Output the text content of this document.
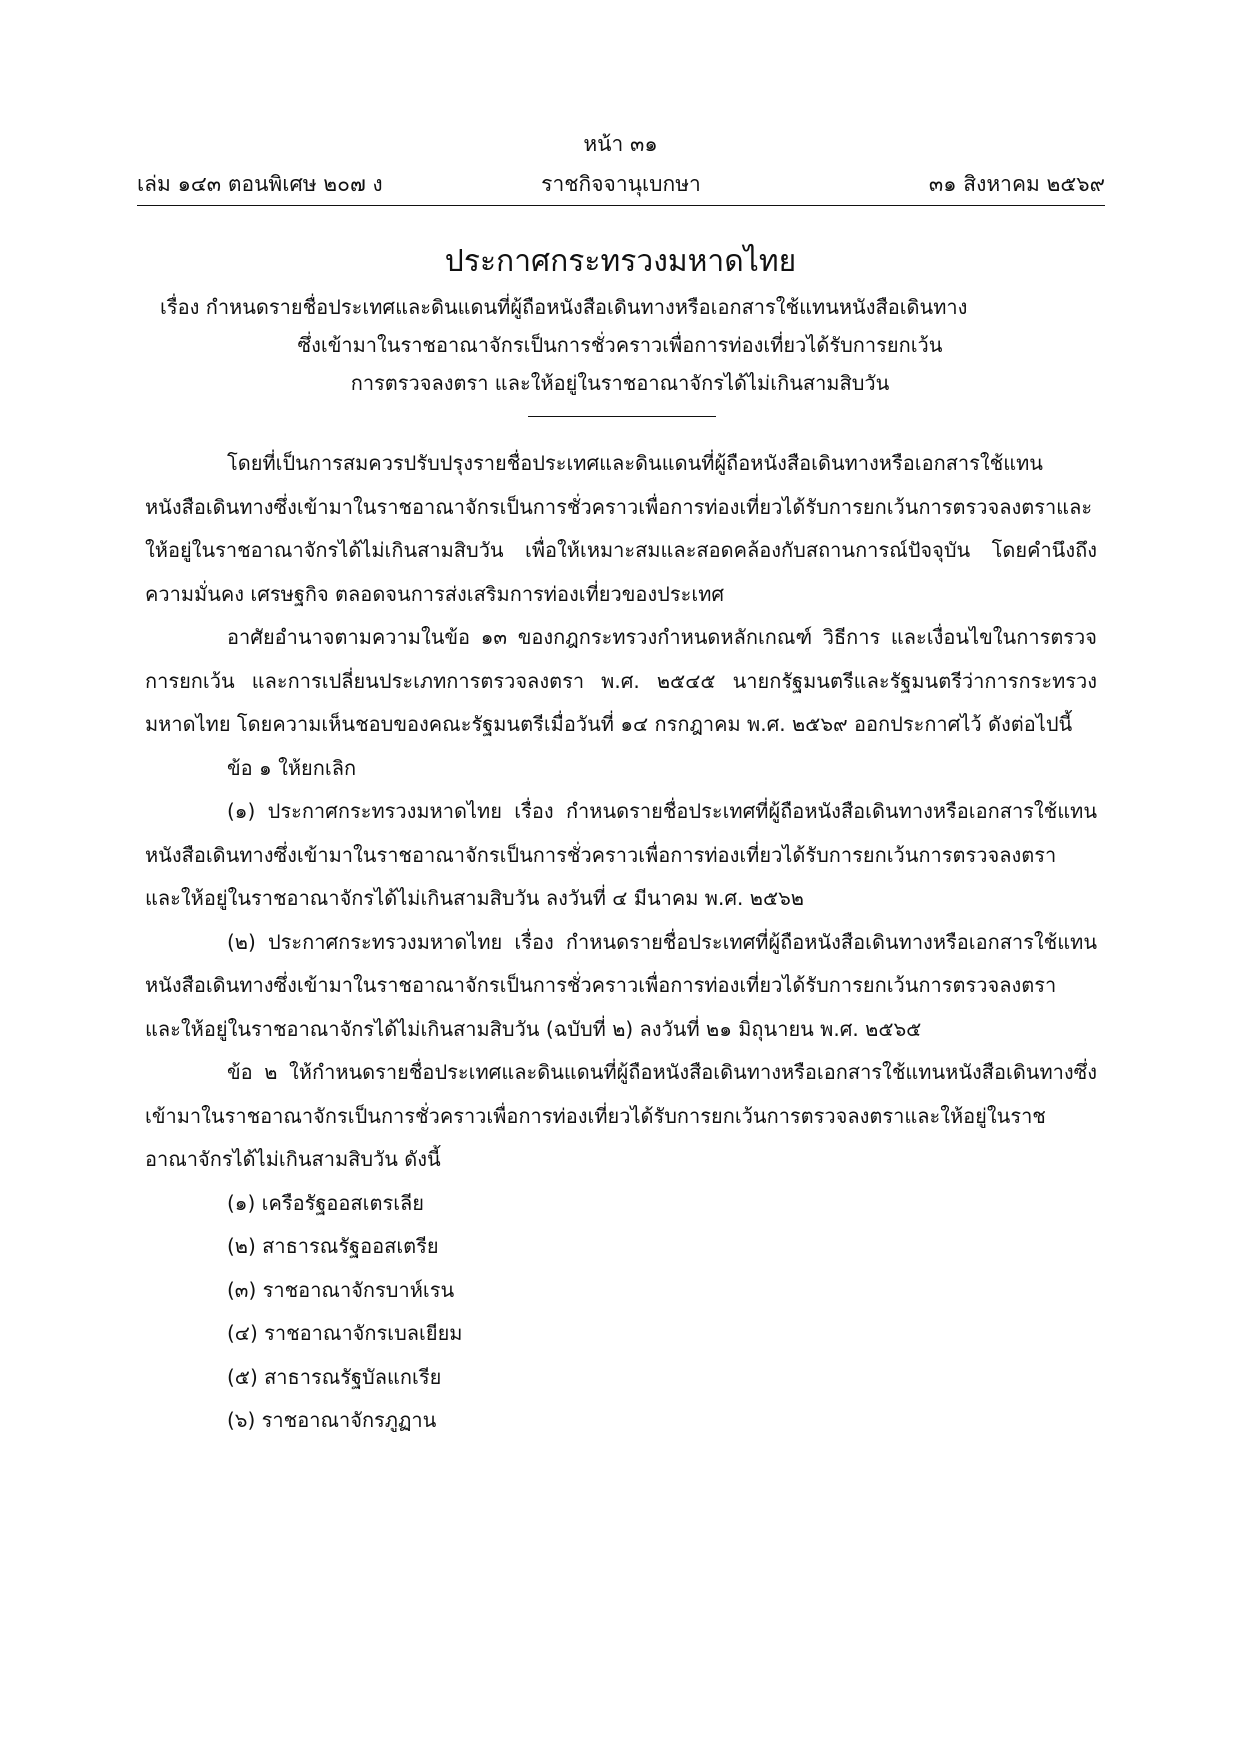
หน้า ๓๑
ราชกิจจานุเบกษา
เล่ม ๑๔๓ ตอนพิเศษ ๒๐๗ ง	๓๑ สิงหาคม ๒๕๖๙
ประกาศกระทรวงมหาดไทย
เรื่อง กำหนดรายชื่อประเทศและดินแดนที่ผู้ถือหนังสือเดินทางหรือเอกสารใช้แทนหนังสือเดินทาง
ซึ่งเข้ามาในราชอาณาจักรเป็นการชั่วคราวเพื่อการท่องเที่ยวได้รับการยกเว้น
การตรวจลงตรา และให้อยู่ในราชอาณาจักรได้ไม่เกินสามสิบวัน

โดยที่เป็นการสมควรปรับปรุงรายชื่อประเทศและดินแดนที่ผู้ถือหนังสือเดินทางหรือเอกสารใช้แทนหนังสือเดินทางซึ่งเข้ามาในราชอาณาจักรเป็นการชั่วคราวเพื่อการท่องเที่ยวได้รับการยกเว้นการตรวจลงตราและให้อยู่ในราชอาณาจักรได้ไม่เกินสามสิบวัน เพื่อให้เหมาะสมและสอดคล้องกับสถานการณ์ปัจจุบัน โดยคำนึงถึงความมั่นคง เศรษฐกิจ ตลอดจนการส่งเสริมการท่องเที่ยวของประเทศ

อาศัยอำนาจตามความในข้อ ๑๓ ของกฎกระทรวงกำหนดหลักเกณฑ์ วิธีการ และเงื่อนไขในการตรวจ การยกเว้น และการเปลี่ยนประเภทการตรวจลงตรา พ.ศ. ๒๕๔๕ นายกรัฐมนตรีและรัฐมนตรีว่าการกระทรวงมหาดไทย โดยความเห็นชอบของคณะรัฐมนตรีเมื่อวันที่ ๑๔ กรกฎาคม พ.ศ. ๒๕๖๙ ออกประกาศไว้ ดังต่อไปนี้

ข้อ ๑ ให้ยกเลิก

(๑) ประกาศกระทรวงมหาดไทย เรื่อง กำหนดรายชื่อประเทศที่ผู้ถือหนังสือเดินทางหรือเอกสารใช้แทนหนังสือเดินทางซึ่งเข้ามาในราชอาณาจักรเป็นการชั่วคราวเพื่อการท่องเที่ยวได้รับการยกเว้นการตรวจลงตรา และให้อยู่ในราชอาณาจักรได้ไม่เกินสามสิบวัน ลงวันที่ ๔ มีนาคม พ.ศ. ๒๕๖๒

(๒) ประกาศกระทรวงมหาดไทย เรื่อง กำหนดรายชื่อประเทศที่ผู้ถือหนังสือเดินทางหรือเอกสารใช้แทนหนังสือเดินทางซึ่งเข้ามาในราชอาณาจักรเป็นการชั่วคราวเพื่อการท่องเที่ยวได้รับการยกเว้นการตรวจลงตรา และให้อยู่ในราชอาณาจักรได้ไม่เกินสามสิบวัน (ฉบับที่ ๒) ลงวันที่ ๒๑ มิถุนายน พ.ศ. ๒๕๖๕

ข้อ ๒ ให้กำหนดรายชื่อประเทศและดินแดนที่ผู้ถือหนังสือเดินทางหรือเอกสารใช้แทนหนังสือเดินทางซึ่งเข้ามาในราชอาณาจักรเป็นการชั่วคราวเพื่อการท่องเที่ยวได้รับการยกเว้นการตรวจลงตราและให้อยู่ในราชอาณาจักรได้ไม่เกินสามสิบวัน ดังนี้

(๑) เครือรัฐออสเตรเลีย

(๒) สาธารณรัฐออสเตรีย

(๓) ราชอาณาจักรบาห์เรน

(๔) ราชอาณาจักรเบลเยียม

(๕) สาธารณรัฐบัลแกเรีย

(๖) ราชอาณาจักรภูฏาน
